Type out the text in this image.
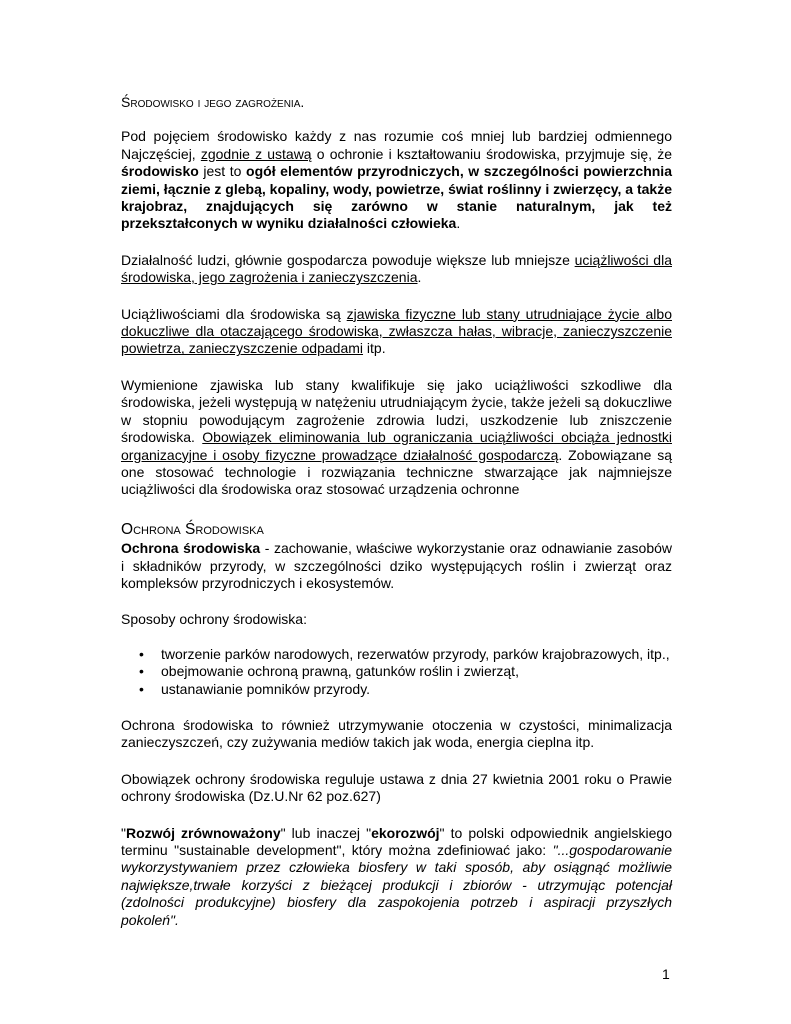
Środowisko i jego zagrożenia.

Pod pojęciem środowisko każdy z nas rozumie coś mniej lub bardziej odmiennego Najczęściej, zgodnie z ustawą o ochronie i kształtowaniu środowiska, przyjmuje się, że środowisko jest to ogół elementów przyrodniczych, w szczególności powierzchnia ziemi, łącznie z glebą, kopaliny, wody, powietrze, świat roślinny i zwierzęcy, a także krajobraz, znajdujących się zarówno w stanie naturalnym, jak też przekształconych w wyniku działalności człowieka.

Działalność ludzi, głównie gospodarcza powoduje większe lub mniejsze uciążliwości dla środowiska, jego zagrożenia i zanieczyszczenia.

Uciążliwościami dla środowiska są zjawiska fizyczne lub stany utrudniające życie albo dokuczliwe dla otaczającego środowiska, zwłaszcza hałas, wibracje, zanieczyszczenie powietrza, zanieczyszczenie odpadami itp.

Wymienione zjawiska lub stany kwalifikuje się jako uciążliwości szkodliwe dla środowiska, jeżeli występują w natężeniu utrudniającym życie, także jeżeli są dokuczliwe w stopniu powodującym zagrożenie zdrowia ludzi, uszkodzenie lub zniszczenie środowiska. Obowiązek eliminowania lub ograniczania uciążliwości obciąża jednostki organizacyjne i osoby fizyczne prowadzące działalność gospodarczą. Zobowiązane są one stosować technologie i rozwiązania techniczne stwarzające jak najmniejsze uciążliwości dla środowiska oraz stosować urządzenia ochronne

Ochrona Środowiska

Ochrona środowiska - zachowanie, właściwe wykorzystanie oraz odnawianie zasobów i składników przyrody, w szczególności dziko występujących roślin i zwierząt oraz kompleksów przyrodniczych i ekosystemów.

Sposoby ochrony środowiska:

• tworzenie parków narodowych, rezerwatów przyrody, parków krajobrazowych, itp.,
• obejmowanie ochroną prawną, gatunków roślin i zwierząt,
• ustanawianie pomników przyrody.

Ochrona środowiska to również utrzymywanie otoczenia w czystości, minimalizacja zanieczyszczeń, czy zużywania mediów takich jak woda, energia cieplna itp.

Obowiązek ochrony środowiska reguluje ustawa z dnia 27 kwietnia 2001 roku o Prawie ochrony środowiska (Dz.U.Nr 62 poz.627)

"Rozwój zrównoważony" lub inaczej "ekorozwój" to polski odpowiednik angielskiego terminu "sustainable development", który można zdefiniować jako: "...gospodarowanie wykorzystywaniem przez człowieka biosfery w taki sposób, aby osiągnąć możliwie największe,trwałe korzyści z bieżącej produkcji i zbiorów - utrzymując potencjał (zdolności produkcyjne) biosfery dla zaspokojenia potrzeb i aspiracji przyszłych pokoleń".

1
